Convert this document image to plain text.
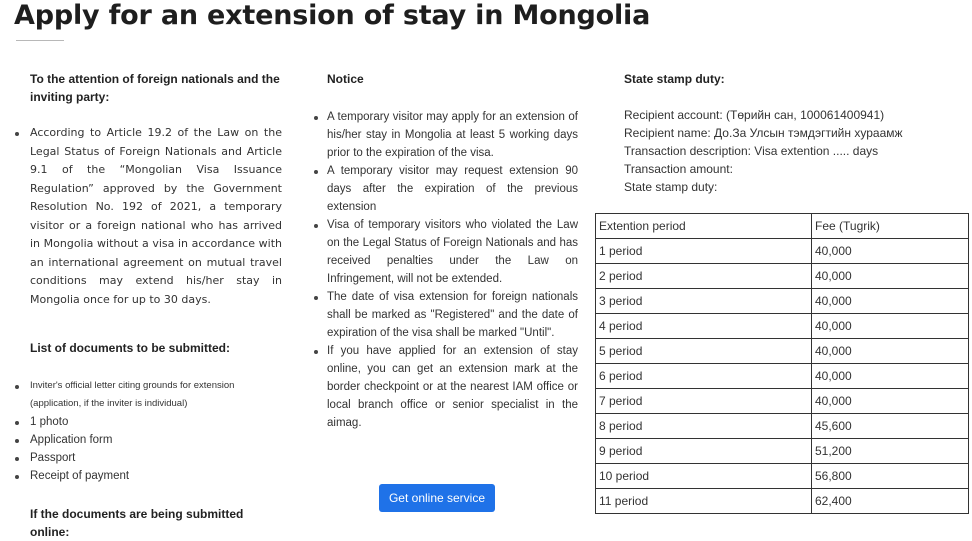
Apply for an extension of stay in Mongolia

To the attention of foreign nationals and the inviting party:

According to Article 19.2 of the Law on the Legal Status of Foreign Nationals and Article 9.1 of the “Mongolian Visa Issuance Regulation” approved by the Government Resolution No. 192 of 2021, a temporary visitor or a foreign national who has arrived in Mongolia without a visa in accordance with an international agreement on mutual travel conditions may extend his/her stay in Mongolia once for up to 30 days.

List of documents to be submitted:

Inviter's official letter citing grounds for extension (application, if the inviter is individual)
1 photo
Application form
Passport
Receipt of payment

If the documents are being submitted online:

Notice

A temporary visitor may apply for an extension of his/her stay in Mongolia at least 5 working days prior to the expiration of the visa.
A temporary visitor may request extension 90 days after the expiration of the previous extension
Visa of temporary visitors who violated the Law on the Legal Status of Foreign Nationals and has received penalties under the Law on Infringement, will not be extended.
The date of visa extension for foreign nationals shall be marked as "Registered" and the date of expiration of the visa shall be marked "Until".
If you have applied for an extension of stay online, you can get an extension mark at the border checkpoint or at the nearest IAM office or local branch office or senior specialist in the aimag.
Get online service

State stamp duty:

Recipient account: (Төрийн сан, 100061400941)
Recipient name: До.За Улсын тэмдэгтийн хураамж
Transaction description: Visa extention ..... days
Transaction amount:
State stamp duty:
Extention period	Fee (Tugrik)
1 period	40,000
2 period	40,000
3 period	40,000
4 period	40,000
5 period	40,000
6 period	40,000
7 period	40,000
8 period	45,600
9 period	51,200
10 period	56,800
11 period	62,400
